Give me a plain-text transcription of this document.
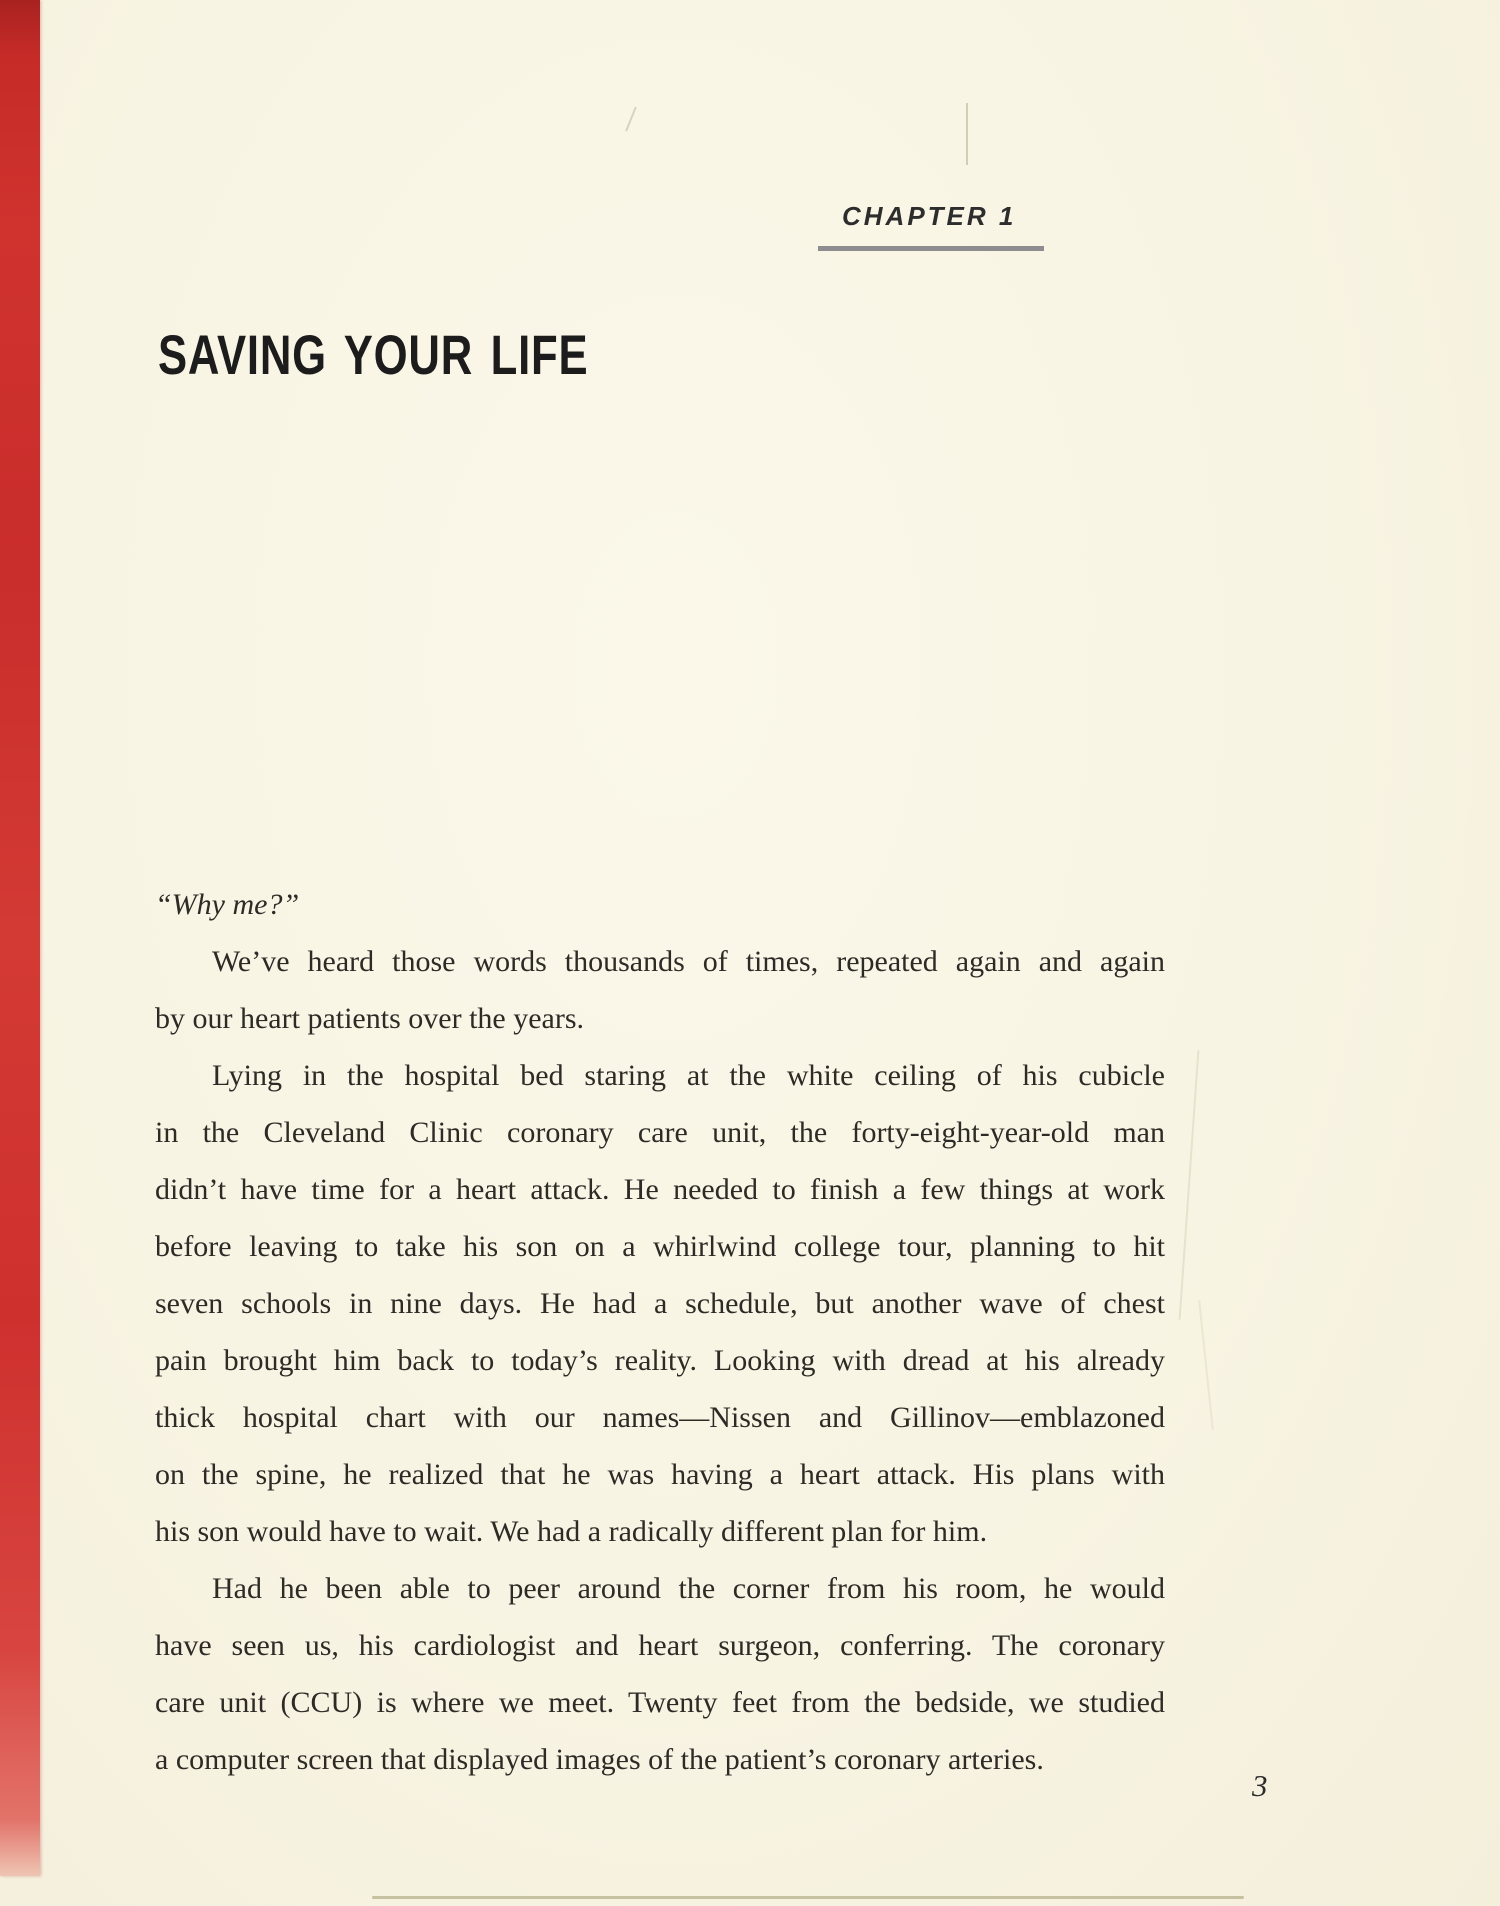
CHAPTER 1
SAVING YOUR LIFE
“Why me?”
We’ve heard those words thousands of times, repeated again and again
by our heart patients over the years.
Lying in the hospital bed staring at the white ceiling of his cubicle
in the Cleveland Clinic coronary care unit, the forty-eight-year-old man
didn’t have time for a heart attack. He needed to finish a few things at work
before leaving to take his son on a whirlwind college tour, planning to hit
seven schools in nine days. He had a schedule, but another wave of chest
pain brought him back to today’s reality. Looking with dread at his already
thick hospital chart with our names—Nissen and Gillinov—emblazoned
on the spine, he realized that he was having a heart attack. His plans with
his son would have to wait. We had a radically different plan for him.
Had he been able to peer around the corner from his room, he would
have seen us, his cardiologist and heart surgeon, conferring. The coronary
care unit (CCU) is where we meet. Twenty feet from the bedside, we studied
a computer screen that displayed images of the patient’s coronary arteries.
3
